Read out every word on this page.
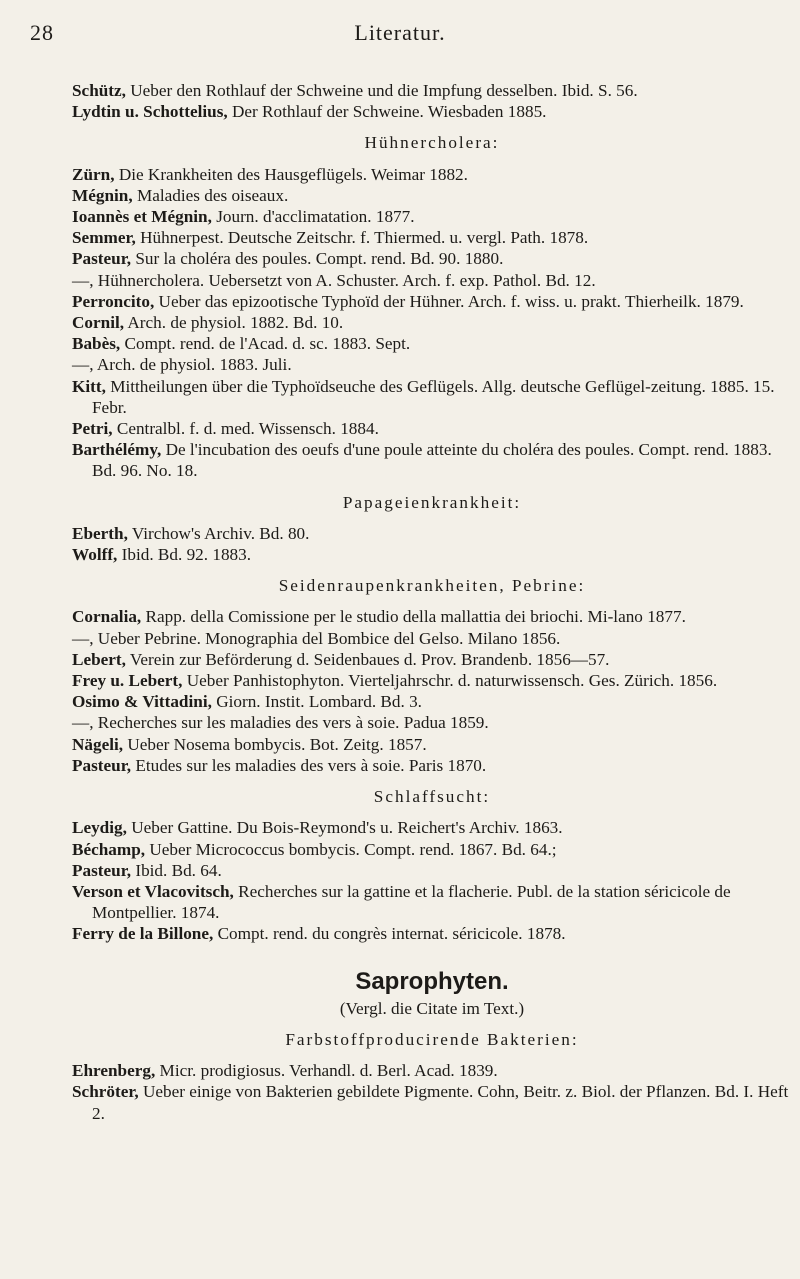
28	Literatur.

Schütz, Ueber den Rothlauf der Schweine und die Impfung desselben. Ibid. S. 56.

Lydtin u. Schottelius, Der Rothlauf der Schweine. Wiesbaden 1885.

Hühnercholera:

Zürn, Die Krankheiten des Hausgeflügels. Weimar 1882.

Mégnin, Maladies des oiseaux.

Ioannès et Mégnin, Journ. d'acclimatation. 1877.

Semmer, Hühnerpest. Deutsche Zeitschr. f. Thiermed. u. vergl. Path. 1878.

Pasteur, Sur la choléra des poules. Compt. rend. Bd. 90. 1880.

—, Hühnercholera. Uebersetzt von A. Schuster. Arch. f. exp. Pathol. Bd. 12.

Perroncito, Ueber das epizootische Typhoïd der Hühner. Arch. f. wiss. u. prakt. Thierheilk. 1879.

Cornil, Arch. de physiol. 1882. Bd. 10.

Babès, Compt. rend. de l'Acad. d. sc. 1883. Sept.

—, Arch. de physiol. 1883. Juli.

Kitt, Mittheilungen über die Typhoïdseuche des Geflügels. Allg. deutsche Geflügel-zeitung. 1885. 15. Febr.

Petri, Centralbl. f. d. med. Wissensch. 1884.

Barthélémy, De l'incubation des oeufs d'une poule atteinte du choléra des poules. Compt. rend. 1883. Bd. 96. No. 18.

Papageienkrankheit:

Eberth, Virchow's Archiv. Bd. 80.

Wolff, Ibid. Bd. 92. 1883.

Seidenraupenkrankheiten, Pebrine:

Cornalia, Rapp. della Comissione per le studio della mallattia dei briochi. Mi-lano 1877.

—, Ueber Pebrine. Monographia del Bombice del Gelso. Milano 1856.

Lebert, Verein zur Beförderung d. Seidenbaues d. Prov. Brandenb. 1856—57.

Frey u. Lebert, Ueber Panhistophyton. Vierteljahrschr. d. naturwissensch. Ges. Zürich. 1856.

Osimo & Vittadini, Giorn. Instit. Lombard. Bd. 3.

—, Recherches sur les maladies des vers à soie. Padua 1859.

Nägeli, Ueber Nosema bombycis. Bot. Zeitg. 1857.

Pasteur, Etudes sur les maladies des vers à soie. Paris 1870.

Schlaffsucht:

Leydig, Ueber Gattine. Du Bois-Reymond's u. Reichert's Archiv. 1863.

Béchamp, Ueber Micrococcus bombycis. Compt. rend. 1867. Bd. 64.;

Pasteur, Ibid. Bd. 64.

Verson et Vlacovitsch, Recherches sur la gattine et la flacherie. Publ. de la station séricicole de Montpellier. 1874.

Ferry de la Billone, Compt. rend. du congrès internat. séricicole. 1878.

Saprophyten.
(Vergl. die Citate im Text.)
Farbstoffproducirende Bakterien:

Ehrenberg, Micr. prodigiosus. Verhandl. d. Berl. Acad. 1839.

Schröter, Ueber einige von Bakterien gebildete Pigmente. Cohn, Beitr. z. Biol. der Pflanzen. Bd. I. Heft 2.
